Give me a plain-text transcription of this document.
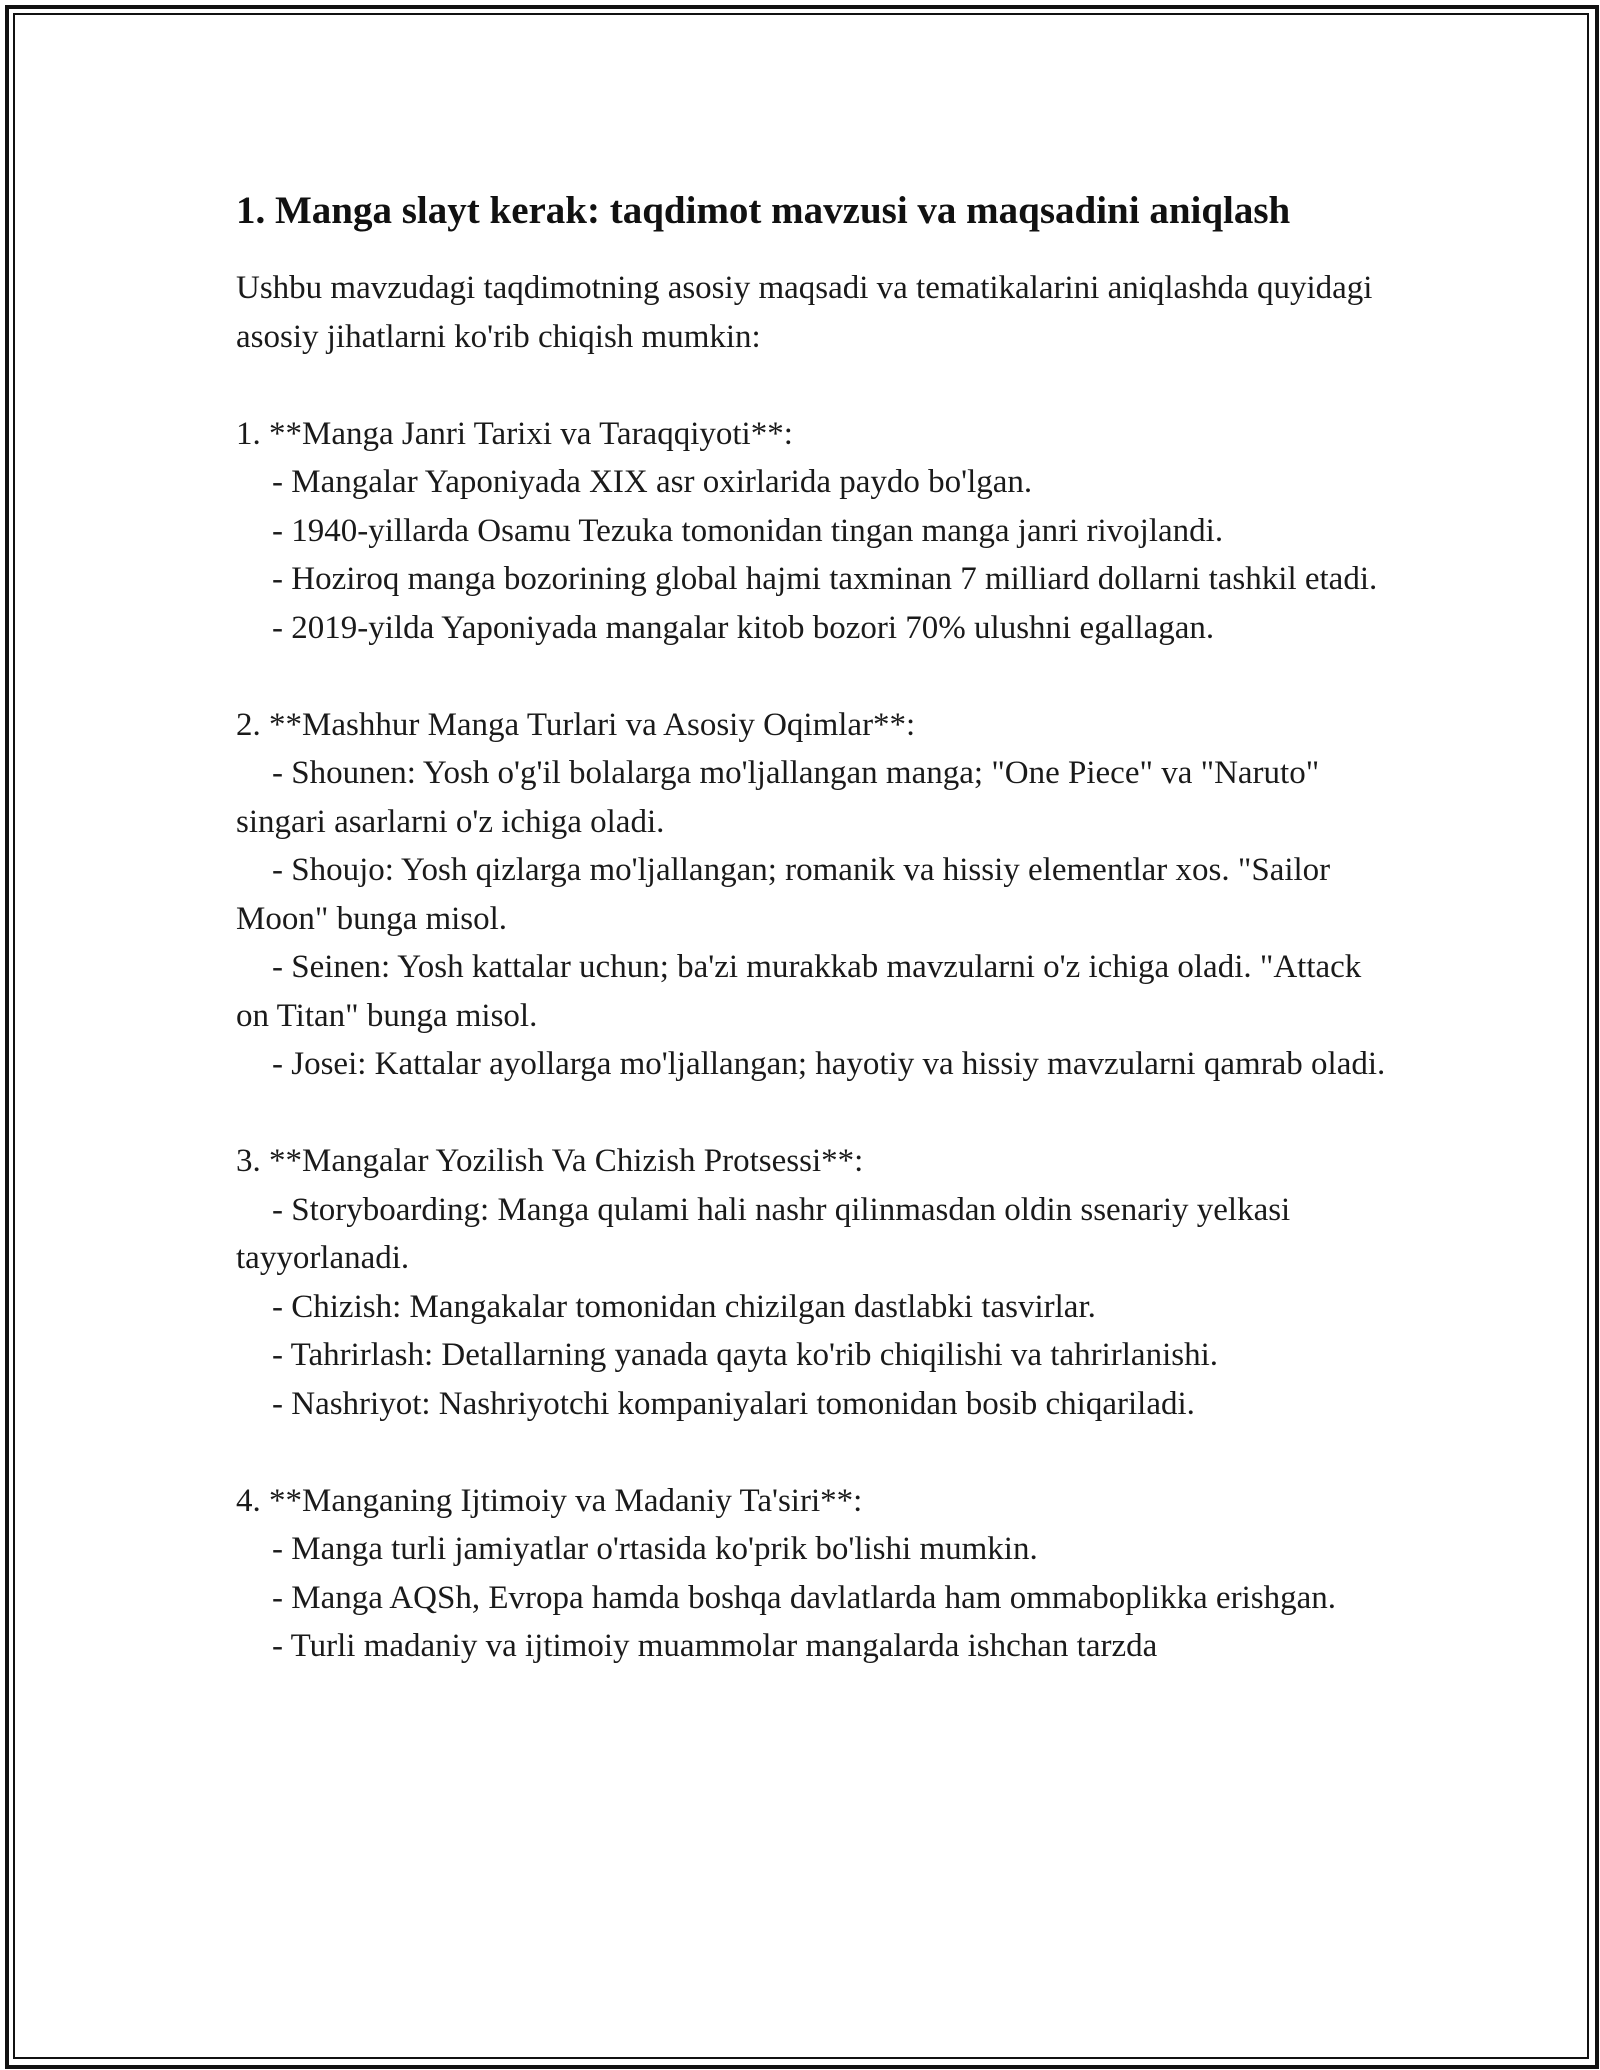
1. Manga slayt kerak: taqdimot mavzusi va maqsadini aniqlash

Ushbu mavzudagi taqdimotning asosiy maqsadi va tematikalarini aniqlashda quyidagi asosiy jihatlarni ko'rib chiqish mumkin:

1. **Manga Janri Tarixi va Taraqqiyoti**:

- Mangalar Yaponiyada XIX asr oxirlarida paydo bo'lgan.

- 1940-yillarda Osamu Tezuka tomonidan tingan manga janri rivojlandi.

- Hoziroq manga bozorining global hajmi taxminan 7 milliard dollarni tashkil etadi.

- 2019-yilda Yaponiyada mangalar kitob bozori 70% ulushni egallagan.

2. **Mashhur Manga Turlari va Asosiy Oqimlar**:

- Shounen: Yosh o'g'il bolalarga mo'ljallangan manga; "One Piece" va "Naruto" singari asarlarni o'z ichiga oladi.

- Shoujo: Yosh qizlarga mo'ljallangan; romanik va hissiy elementlar xos. "Sailor Moon" bunga misol.

- Seinen: Yosh kattalar uchun; ba'zi murakkab mavzularni o'z ichiga oladi. "Attack on Titan" bunga misol.

- Josei: Kattalar ayollarga mo'ljallangan; hayotiy va hissiy mavzularni qamrab oladi.

3. **Mangalar Yozilish Va Chizish Protsessi**:

- Storyboarding: Manga qulami hali nashr qilinmasdan oldin ssenariy yelkasi tayyorlanadi.

- Chizish: Mangakalar tomonidan chizilgan dastlabki tasvirlar.

- Tahrirlash: Detallarning yanada qayta ko'rib chiqilishi va tahrirlanishi.

- Nashriyot: Nashriyotchi kompaniyalari tomonidan bosib chiqariladi.

4. **Manganing Ijtimoiy va Madaniy Ta'siri**:

- Manga turli jamiyatlar o'rtasida ko'prik bo'lishi mumkin.

- Manga AQSh, Evropa hamda boshqa davlatlarda ham ommaboplikka erishgan.

- Turli madaniy va ijtimoiy muammolar mangalarda ishchan tarzda
